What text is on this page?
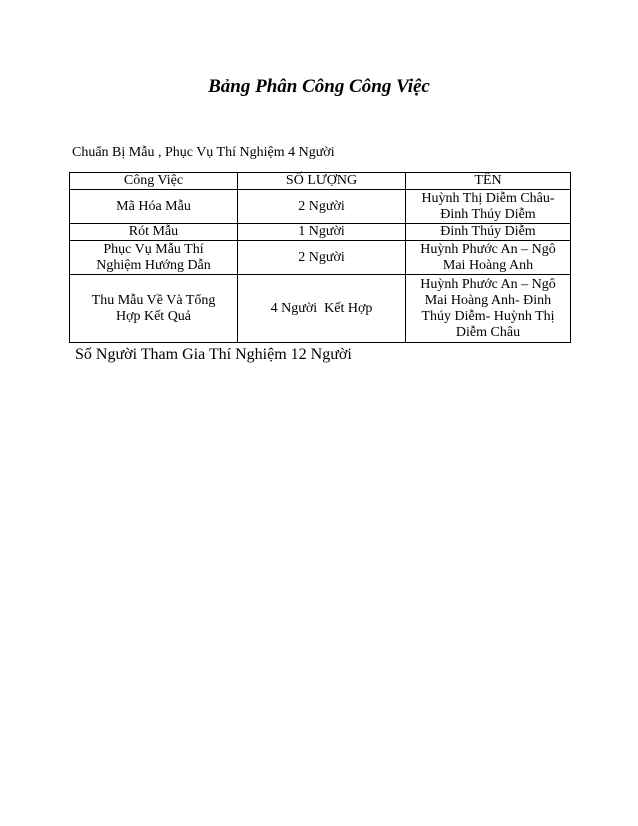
Bảng Phân Công Công Việc
Chuẩn Bị Mẫu , Phục Vụ Thí Nghiệm 4 Người
Công Việc	SỐ LƯỢNG	TÊN

Mã Hóa Mẫu	2 Người	Huỳnh Thị Diễm Châu- Đinh Thúy Diễm

Rót Mẫu	1 Người	Đinh Thúy Diễm

Phục Vụ Mẫu Thí Nghiệm Hướng Dẫn	2 Người	Huỳnh Phước An – Ngô Mai Hoàng Anh

Thu Mẫu Về Và Tổng Hợp Kết Quả	4 Người  Kết Hợp	Huỳnh Phước An – Ngô Mai Hoàng Anh- Đinh Thúy Diễm- Huỳnh Thị Diễm Châu
Số Người Tham Gia Thí Nghiệm 12 Người
